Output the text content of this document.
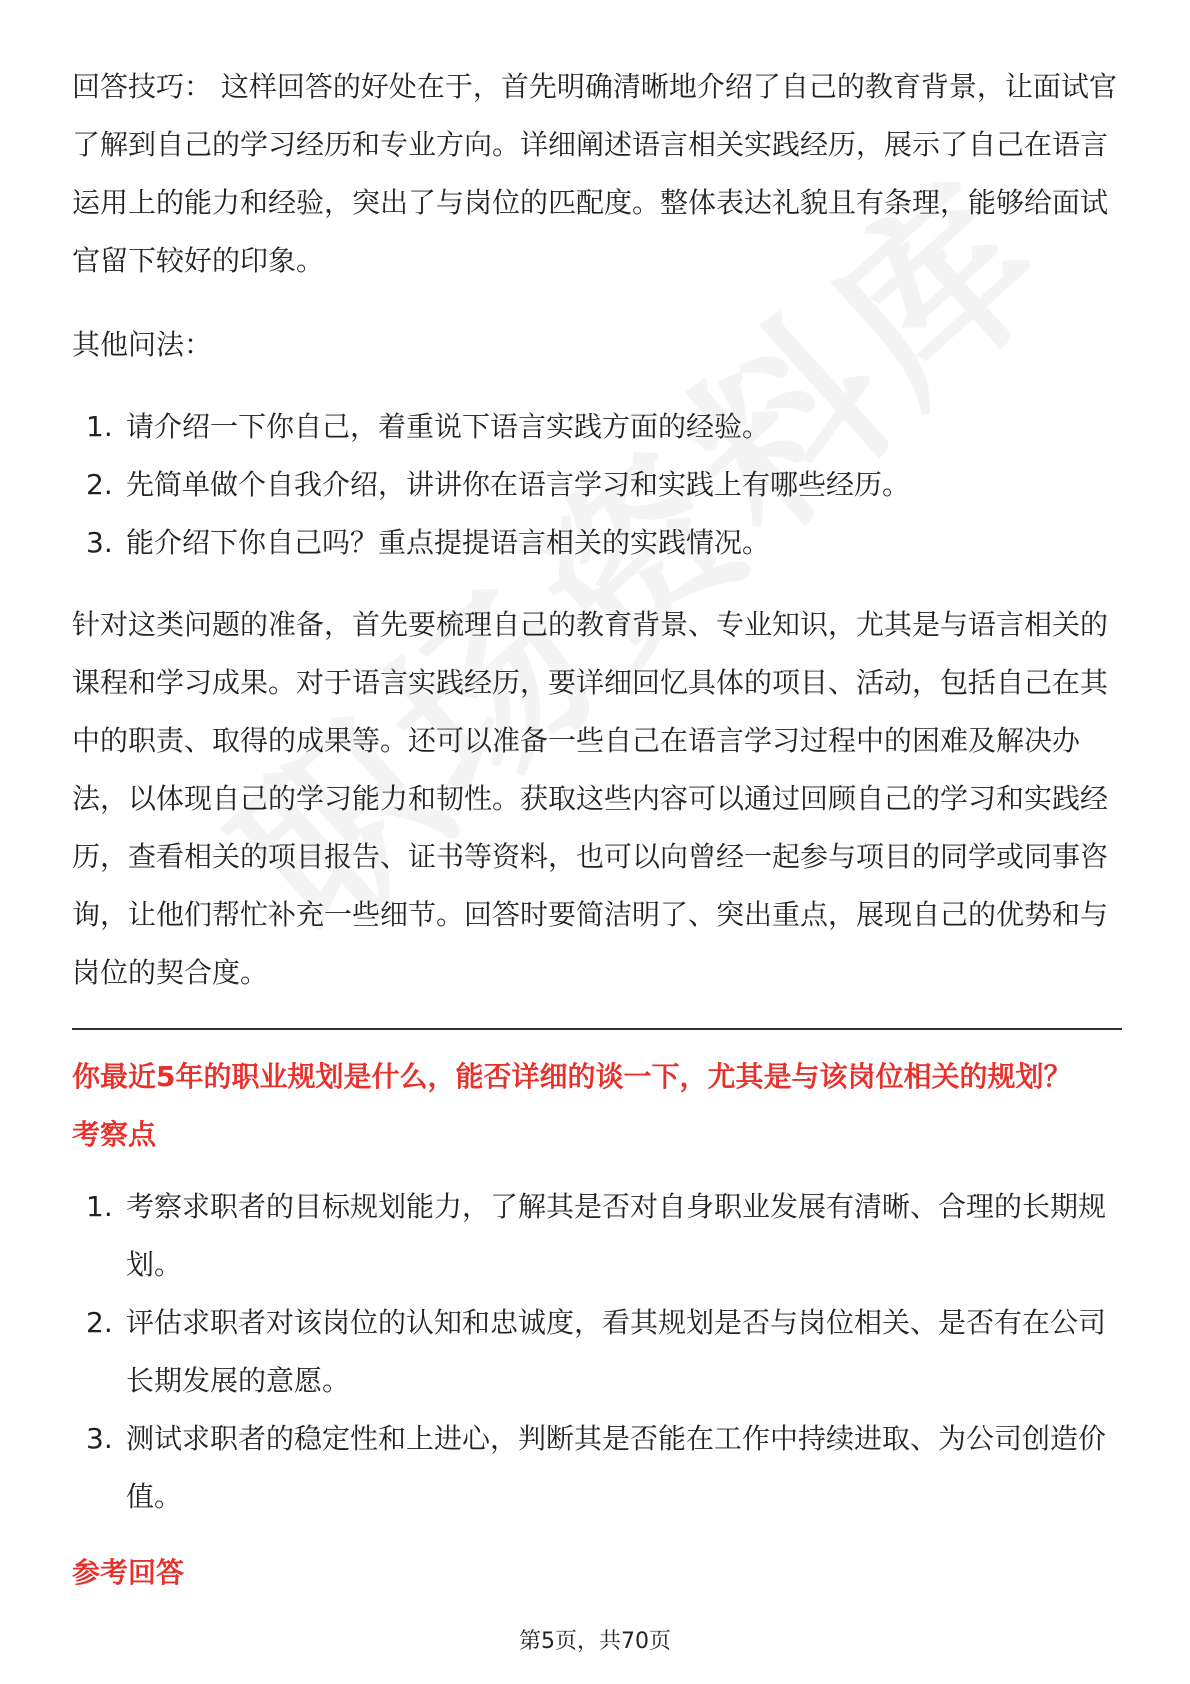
回答技巧： 这样回答的好处在于，首先明确清晰地介绍了自己的教育背景，让面试官了解到自己的学习经历和专业方向。详细阐述语言相关实践经历，展示了自己在语言运用上的能力和经验，突出了与岗位的匹配度。整体表达礼貌且有条理，能够给面试官留下较好的印象。

其他问法：
1. 请介绍一下你自己，着重说下语言实践方面的经验。
2. 先简单做个自我介绍，讲讲你在语言学习和实践上有哪些经历。
3. 能介绍下你自己吗？重点提提语言相关的实践情况。

针对这类问题的准备，首先要梳理自己的教育背景、专业知识，尤其是与语言相关的课程和学习成果。对于语言实践经历，要详细回忆具体的项目、活动，包括自己在其中的职责、取得的成果等。还可以准备一些自己在语言学习过程中的困难及解决办法，以体现自己的学习能力和韧性。获取这些内容可以通过回顾自己的学习和实践经历，查看相关的项目报告、证书等资料，也可以向曾经一起参与项目的同学或同事咨询，让他们帮忙补充一些细节。回答时要简洁明了、突出重点，展现自己的优势和与岗位的契合度。

你最近5年的职业规划是什么，能否详细的谈一下，尤其是与该岗位相关的规划？

考察点
1. 考察求职者的目标规划能力，了解其是否对自身职业发展有清晰、合理的长期规划。
2. 评估求职者对该岗位的认知和忠诚度，看其规划是否与岗位相关、是否有在公司长期发展的意愿。
3. 测试求职者的稳定性和上进心，判断其是否能在工作中持续进取、为公司创造价值。
参考回答
第5页，共70页
